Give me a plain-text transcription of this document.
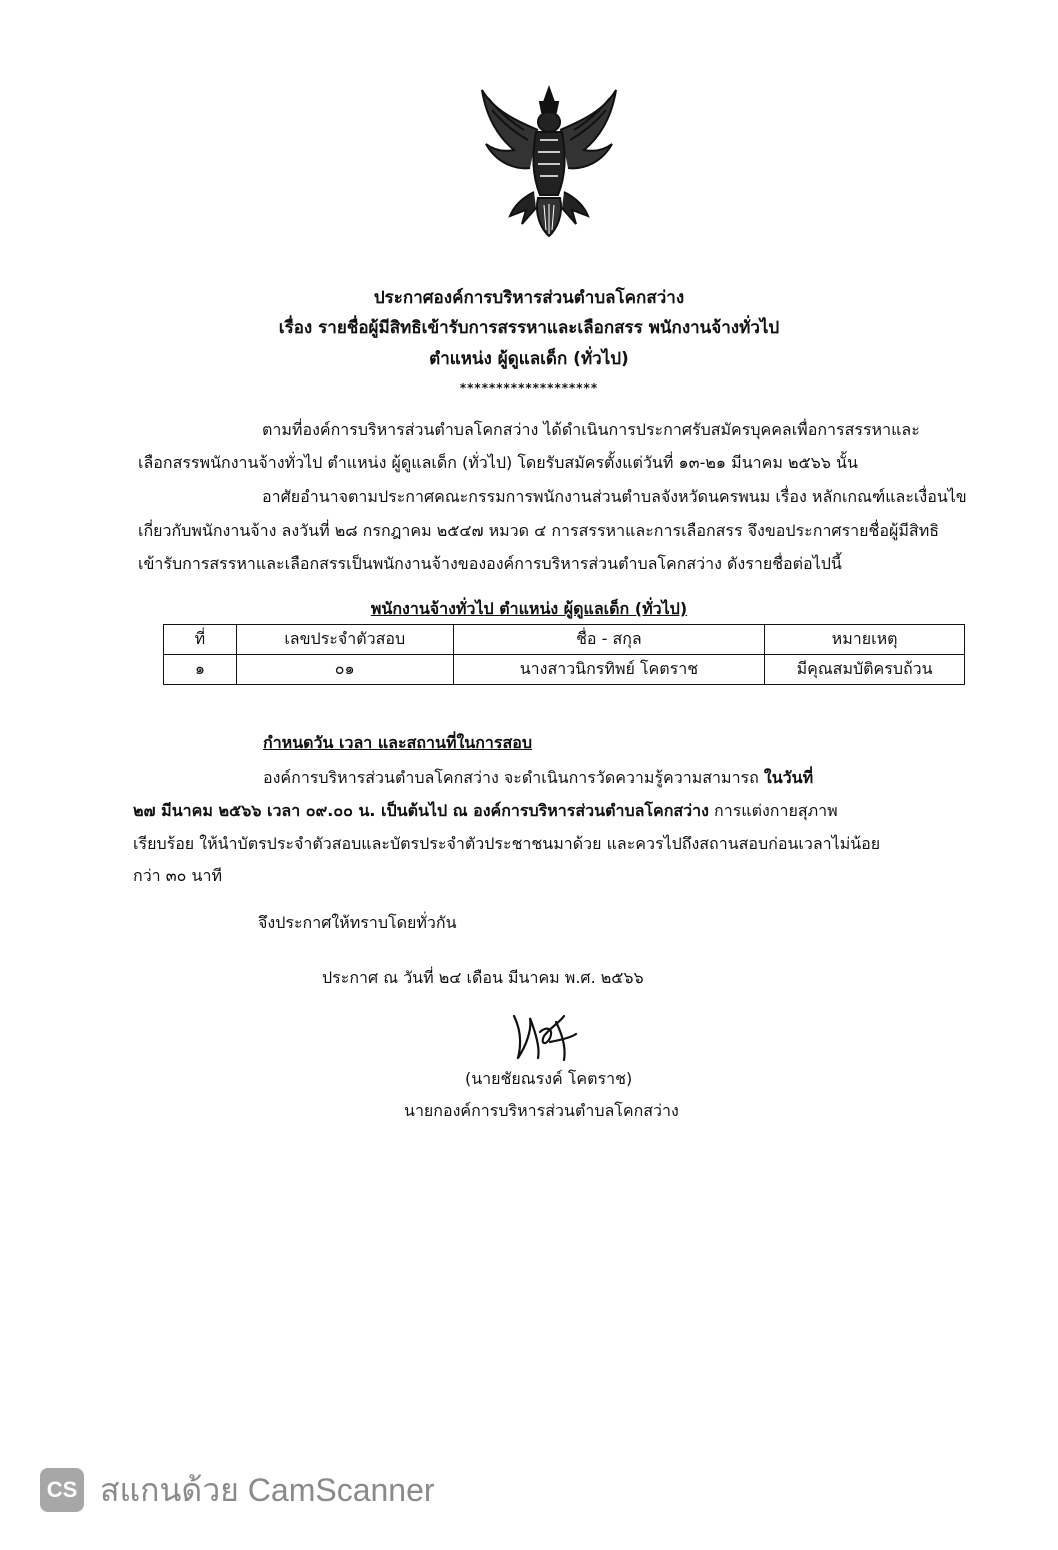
ประกาศองค์การบริหารส่วนตำบลโคกสว่าง
เรื่อง รายชื่อผู้มีสิทธิเข้ารับการสรรหาและเลือกสรร พนักงานจ้างทั่วไป
ตำแหน่ง ผู้ดูแลเด็ก (ทั่วไป)
*******************
ตามที่องค์การบริหารส่วนตำบลโคกสว่าง ได้ดำเนินการประกาศรับสมัครบุคคลเพื่อการสรรหาและ
เลือกสรรพนักงานจ้างทั่วไป ตำแหน่ง ผู้ดูแลเด็ก (ทั่วไป) โดยรับสมัครตั้งแต่วันที่ ๑๓-๒๑ มีนาคม ๒๕๖๖ นั้น
อาศัยอำนาจตามประกาศคณะกรรมการพนักงานส่วนตำบลจังหวัดนครพนม เรื่อง หลักเกณฑ์และเงื่อนไข
เกี่ยวกับพนักงานจ้าง ลงวันที่ ๒๘ กรกฎาคม ๒๕๔๗ หมวด ๔ การสรรหาและการเลือกสรร จึงขอประกาศรายชื่อผู้มีสิทธิ
เข้ารับการสรรหาและเลือกสรรเป็นพนักงานจ้างขององค์การบริหารส่วนตำบลโคกสว่าง ดังรายชื่อต่อไปนี้
พนักงานจ้างทั่วไป ตำแหน่ง ผู้ดูแลเด็ก (ทั่วไป)
ที่	เลขประจำตัวสอบ	ชื่อ - สกุล	หมายเหตุ
๑	๐๑	นางสาวนิกรทิพย์ โคตราช	มีคุณสมบัติครบถ้วน
กำหนดวัน เวลา และสถานที่ในการสอบ
องค์การบริหารส่วนตำบลโคกสว่าง จะดำเนินการวัดความรู้ความสามารถ ในวันที่
๒๗ มีนาคม ๒๕๖๖ เวลา ๐๙.๐๐ น. เป็นต้นไป ณ องค์การบริหารส่วนตำบลโคกสว่าง การแต่งกายสุภาพ
เรียบร้อย ให้นำบัตรประจำตัวสอบและบัตรประจำตัวประชาชนมาด้วย และควรไปถึงสถานสอบก่อนเวลาไม่น้อย
กว่า ๓๐ นาที
จึงประกาศให้ทราบโดยทั่วกัน
ประกาศ ณ วันที่ ๒๔ เดือน มีนาคม พ.ศ. ๒๕๖๖
(นายชัยณรงค์ โคตราช)
นายกองค์การบริหารส่วนตำบลโคกสว่าง
CS สแกนด้วย CamScanner
